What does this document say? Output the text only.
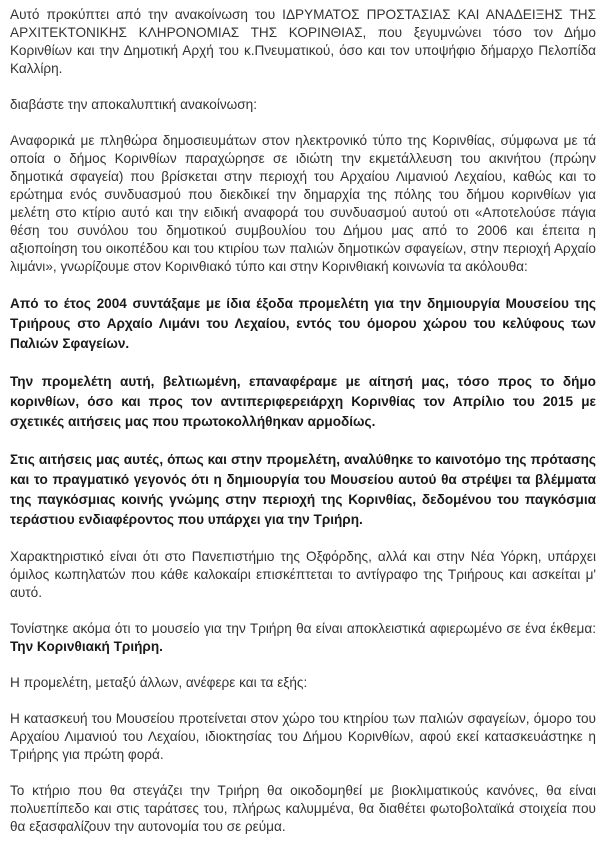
Αυτό προκύπτει από την ανακοίνωση του ΙΔΡΥΜΑΤΟΣ ΠΡΟΣΤΑΣΙΑΣ ΚΑΙ ΑΝΑΔΕΙΞΗΣ ΤΗΣ ΑΡΧΙΤΕΚΤΟΝΙΚΗΣ ΚΛΗΡΟΝΟΜΙΑΣ ΤΗΣ ΚΟΡΙΝΘΙΑΣ, που ξεγυμνώνει τόσο τον Δήμο Κορινθίων και την Δημοτική Αρχή του κ.Πνευματικού, όσο και τον υποψήφιο δήμαρχο Πελοπίδα Καλλίρη.

διαβάστε την αποκαλυπτική ανακοίνωση:

Αναφορικά με πληθώρα δημοσιευμάτων στον ηλεκτρονικό τύπο της Κορινθίας, σύμφωνα με τά οποία ο δήμος Κορινθίων παραχώρησε σε ιδιώτη την εκμετάλλευση του ακινήτου (πρώην δημοτικά σφαγεία) που βρίσκεται στην περιοχή του Αρχαίου Λιμανιού Λεχαίου, καθώς και το ερώτημα ενός συνδυασμού που διεκδικεί την δημαρχία της πόλης του δήμου κορινθίων για μελέτη στο κτίριο αυτό και την ειδική αναφορά του συνδυασμού αυτού οτι «Αποτελούσε πάγια θέση του συνόλου του δημοτικού συμβουλίου του Δήμου μας από το 2006 και έπειτα η αξιοποίηση του οικοπέδου και του κτιρίου των παλιών δημοτικών σφαγείων, στην περιοχή Αρχαίο λιμάνι», γνωρίζουμε στον Κορινθιακό τύπο και στην Κορινθιακή κοινωνία τα ακόλουθα:

Από το έτος 2004 συντάξαμε με ίδια έξοδα προμελέτη για την δημιουργία Μουσείου της Τριήρους στο Αρχαίο Λιμάνι του Λεχαίου, εντός του όμορου χώρου του κελύφους των Παλιών Σφαγείων.

Την προμελέτη αυτή, βελτιωμένη, επαναφέραμε με αίτησή μας, τόσο προς το δήμο κορινθίων, όσο και προς τον αντιπεριφερειάρχη Κορινθίας τον Απρίλιο του 2015 με σχετικές αιτήσεις μας που πρωτοκολλήθηκαν αρμοδίως.

Στις αιτήσεις μας αυτές, όπως και στην προμελέτη, αναλύθηκε το καινοτόμο της πρότασης και το πραγματικό γεγονός ότι η δημιουργία του Μουσείου αυτού θα στρέψει τα βλέμματα της παγκόσμιας κοινής γνώμης στην περιοχή της Κορινθίας, δεδομένου του παγκόσμια τεράστιου ενδιαφέροντος που υπάρχει για την Τριήρη.

Χαρακτηριστικό είναι ότι στο Πανεπιστήμιο της Οξφόρδης, αλλά και στην Νέα Υόρκη, υπάρχει όμιλος κωπηλατών που κάθε καλοκαίρι επισκέπτεται το αντίγραφο της Τριήρους και ασκείται μ' αυτό.

Τονίστηκε ακόμα ότι το μουσείο για την Τριήρη θα είναι αποκλειστικά αφιερωμένο σε ένα έκθεμα: Την Κορινθιακή Τριήρη.

Η προμελέτη, μεταξύ άλλων, ανέφερε και τα εξής:

Η κατασκευή του Μουσείου προτείνεται στον χώρο του κτηρίου των παλιών σφαγείων, όμορο του Αρχαίου Λιμανιού του Λεχαίου, ιδιοκτησίας του Δήμου Κορινθίων, αφού εκεί κατασκευάστηκε η Τριήρης για πρώτη φορά.

Το κτήριο που θα στεγάζει την Τριήρη θα οικοδομηθεί με βιοκλιματικούς κανόνες, θα είναι πολυεπίπεδο και στις ταράτσες του, πλήρως καλυμμένα, θα διαθέτει φωτοβολταϊκά στοιχεία που θα εξασφαλίζουν την αυτονομία του σε ρεύμα.
